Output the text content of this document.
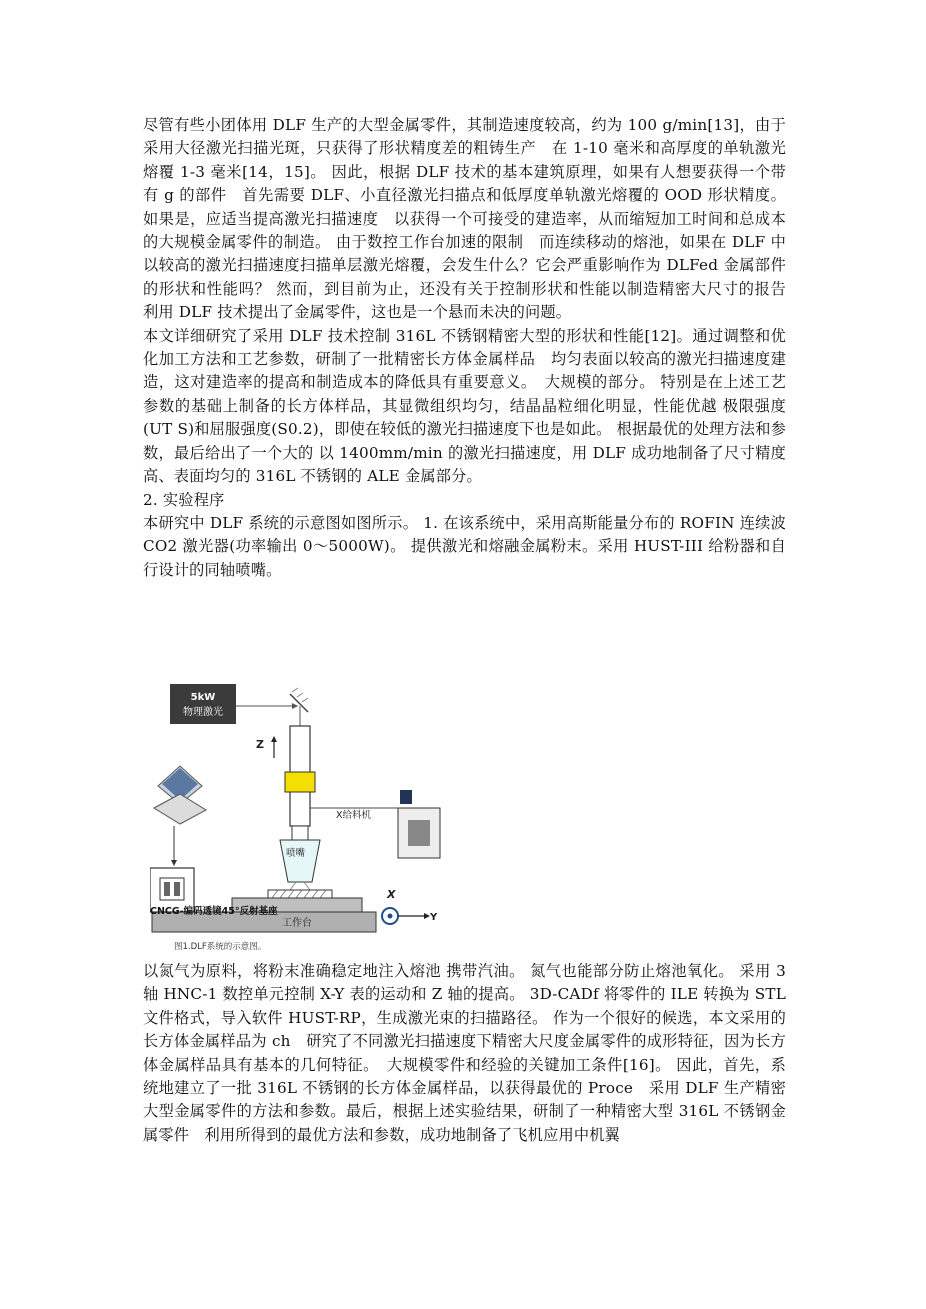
尽管有些小团体用 DLF 生产的大型金属零件，其制造速度较高，约为 100 g/min[13]，由于采用大径激光扫描光斑，只获得了形状精度差的粗铸生产　在 1-10 毫米和高厚度的单轨激光熔覆 1-3 毫米[14，15]。 因此，根据 DLF 技术的基本建筑原理，如果有人想要获得一个带有 g 的部件　首先需要 DLF、小直径激光扫描点和低厚度单轨激光熔覆的 OOD 形状精度。 如果是，应适当提高激光扫描速度　以获得一个可接受的建造率，从而缩短加工时间和总成本的大规模金属零件的制造。 由于数控工作台加速的限制　而连续移动的熔池，如果在 DLF 中以较高的激光扫描速度扫描单层激光熔覆，会发生什么？它会严重影响作为 DLFed 金属部件的形状和性能吗？ 然而，到目前为止，还没有关于控制形状和性能以制造精密大尺寸的报告　利用 DLF 技术提出了金属零件，这也是一个悬而未决的问题。

本文详细研究了采用 DLF 技术控制 316L 不锈钢精密大型的形状和性能[12]。通过调整和优化加工方法和工艺参数，研制了一批精密长方体金属样品　均匀表面以较高的激光扫描速度建造，这对建造率的提高和制造成本的降低具有重要意义。　大规模的部分。 特别是在上述工艺参数的基础上制备的长方体样品，其显微组织均匀，结晶晶粒细化明显，性能优越 极限强度(UT S)和屈服强度(S0.2)，即使在较低的激光扫描速度下也是如此。 根据最优的处理方法和参数，最后给出了一个大的 以 1400mm/min 的激光扫描速度，用 DLF 成功地制备了尺寸精度高、表面均匀的 316L 不锈钢的 ALE 金属部分。

2. 实验程序

本研究中 DLF 系统的示意图如图所示。 1. 在该系统中，采用高斯能量分布的 ROFIN 连续波 CO2 激光器(功率输出 0～5000W)。 提供激光和熔融金属粉末。采用 HUST-III 给粉器和自行设计的同轴喷嘴。

5kW
物理激光
Z
X给料机
喷嘴
工作台
CNCG-编码透镜45°反射基座
X
Y
图1.DLF系统的示意图。

以氮气为原料，将粉末准确稳定地注入熔池 携带汽油。 氮气也能部分防止熔池氧化。 采用 3 轴 HNC-1 数控单元控制 X-Y 表的运动和 Z 轴的提高。 3D-CADf 将零件的 ILE 转换为 STL 文件格式，导入软件 HUST-RP，生成激光束的扫描路径。 作为一个很好的候选，本文采用的长方体金属样品为 ch　研究了不同激光扫描速度下精密大尺度金属零件的成形特征，因为长方体金属样品具有基本的几何特征。　大规模零件和经验的关键加工条件[16]。 因此，首先，系统地建立了一批 316L 不锈钢的长方体金属样品，以获得最优的 Proce　采用 DLF 生产精密大型金属零件的方法和参数。最后，根据上述实验结果，研制了一种精密大型 316L 不锈钢金属零件　利用所得到的最优方法和参数，成功地制备了飞机应用中机翼
